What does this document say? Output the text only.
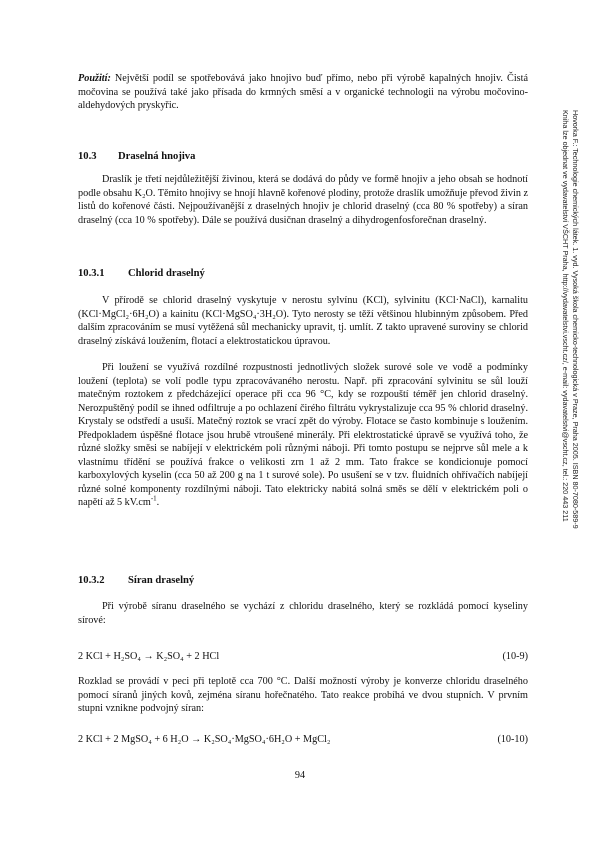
Použití: Největší podíl se spotřebovává jako hnojivo buď přímo, nebo při výrobě kapalných hnojiv. Čistá močovina se používá také jako přísada do krmných směsí a v organické technologii na výrobu močovino-aldehydových pryskyřic.
10.3 Draselná hnojiva
Draslík je třetí nejdůležitější živinou, která se dodává do půdy ve formě hnojiv a jeho obsah se hodnotí podle obsahu K₂O. Těmito hnojivy se hnojí hlavně kořenové plodiny, protože draslík umožňuje převod živin z listů do kořenové části. Nejpoužívanější z draselných hnojiv je chlorid draselný (cca 80 % spotřeby) a síran draselný (cca 10 % spotřeby). Dále se používá dusičnan draselný a dihydrogenfosforečnan draselný.
10.3.1 Chlorid draselný
V přírodě se chlorid draselný vyskytuje v nerostu sylvínu (KCl), sylvinitu (KCl·NaCl), karnalitu (KCl·MgCl₂·6H₂O) a kainitu (KCl·MgSO₄·3H₂O). Tyto nerosty se těží většinou hlubinným způsobem. Před dalším zpracováním se musí vytěžená sůl mechanicky upravit, tj. umlít. Z takto upravené suroviny se chlorid draselný získává loužením, flotací a elektrostatickou úpravou.
Při loužení se využívá rozdílné rozpustnosti jednotlivých složek surové sole ve vodě a podmínky loužení (teplota) se volí podle typu zpracovávaného nerostu. Např. při zpracování sylvinitu se sůl louží matečným roztokem z předcházející operace při cca 96 °C, kdy se rozpouští téměř jen chlorid draselný. Nerozpuštěný podíl se ihned odfiltruje a po ochlazení čirého filtrátu vykrystalizuje cca 95 % chlorid draselný. Krystaly se odstředí a usuší. Matečný roztok se vrací zpět do výroby. Flotace se často kombinuje s loužením. Předpokladem úspěšné flotace jsou hrubě vtroušené minerály. Při elektrostatické úpravě se využívá toho, že různé složky směsi se nabíjejí v elektrickém poli různými náboji. Při tomto postupu se nejprve sůl mele a k vlastnímu třídění se používá frakce o velikosti zrn 1 až 2 mm. Tato frakce se kondicionuje pomocí karboxylových kyselin (cca 50 až 200 g na 1 t surové sole). Po usušení se v tzv. fluidních ohřívačích nabíjejí různé solné komponenty rozdílnými náboji. Tato elektricky nabitá solná směs se dělí v elektrickém poli o napětí až 5 $kV.cm^{-1}$.
10.3.2 Síran draselný
Při výrobě síranu draselného se vychází z chloridu draselného, který se rozkládá pomocí kyseliny sírové:
2 KCl + H₂SO₄ → K₂SO₄ + 2 HCl	(10-9)
Rozklad se provádí v peci při teplotě cca 700 °C. Další možností výroby je konverze chloridu draselného pomocí síranů jiných kovů, zejména síranu hořečnatého. Tato reakce probíhá ve dvou stupních. V prvním stupni vznikne podvojný síran:
2 KCl + 2 MgSO₄ + 6 H₂O → K₂SO₄·MgSO₄·6H₂O + MgCl₂	(10-10)
94
Hovorka F.: Technologie chemických látek. 1. vyd. Vysoká škola chemicko-technologická v Praze, Praha 2005. ISBN 80-7080-589-9
Kniha lze objednat ve vydavatelství VŠCHT Praha, http://vydavatelstvi.vscht.cz/, e-mail: vydavatelstvi@vscht.cz, tel.: 220 443 211
